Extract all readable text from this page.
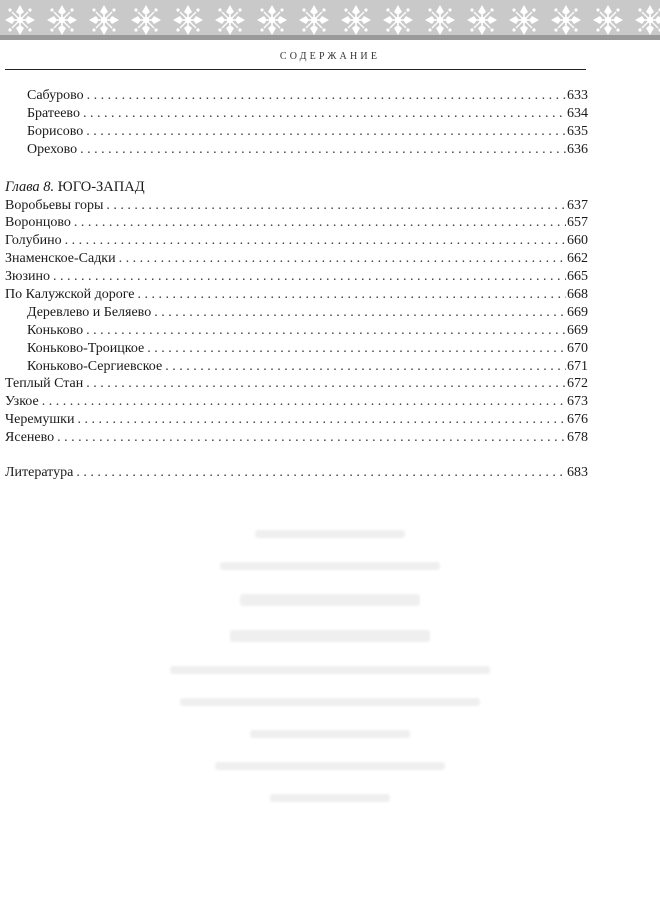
СОДЕРЖАНИЕ
Сабурово . . .	633
Братеево . . .	634
Борисово . . .	635
Орехово . . .	636
Глава 8. ЮГО-ЗАПАД
Воробьевы горы . . .	637
Воронцово . . .	657
Голубино . . .	660
Знаменское-Садки . . .	662
Зюзино . . .	665
По Калужской дороге . . .	668
Деревлево и Беляево . . .	669
Коньково . . .	669
Коньково-Троицкое . . .	670
Коньково-Сергиевское . . .	671
Теплый Стан . . .	672
Узкое . . .	673
Черемушки . . .	676
Ясенево . . .	678
Литература . . .	683
